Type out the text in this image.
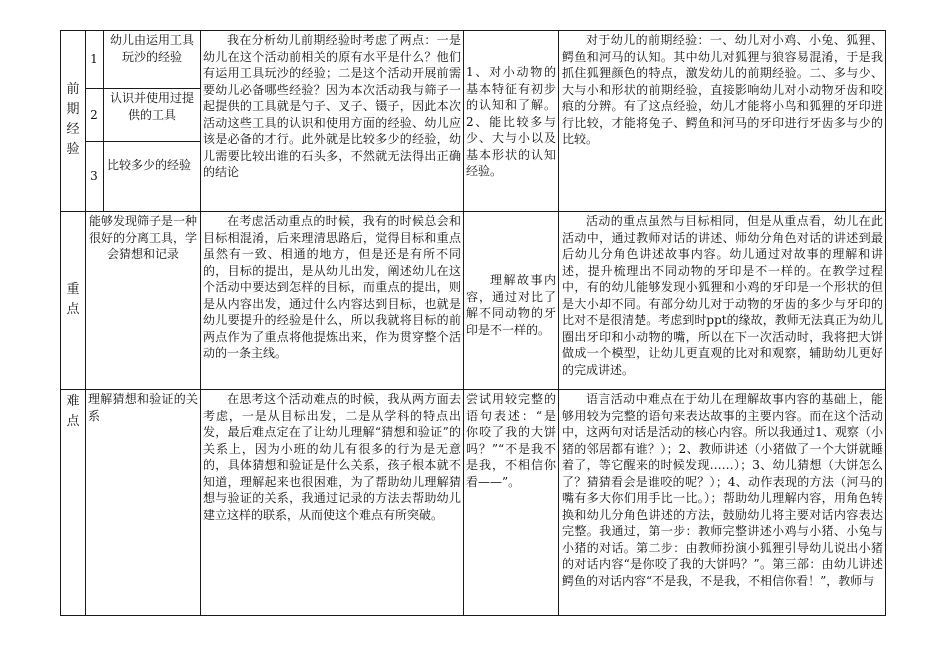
前期经验
1
幼儿由运用工具玩沙的经验
2
认识并使用过提供的工具
3
比较多少的经验
我在分析幼儿前期经验时考虑了两点：一是幼儿在这个活动前相关的原有水平是什么？他们有运用工具玩沙的经验；二是这个活动开展前需要幼儿必备哪些经验？因为本次活动我与筛子一起提供的工具就是勺子、叉子、镊子，因此本次活动这些工具的认识和使用方面的经验、幼儿应该是必备的才行。此外就是比较多少的经验，幼儿需要比较出谁的石头多，不然就无法得出正确的结论
1、对小动物的基本特征有初步的认知和了解。2、能比较多与少、大与小以及基本形状的认知经验。
对于幼儿的前期经验：一、幼儿对小鸡、小兔、狐狸、鳄鱼和河马的认知。其中幼儿对狐狸与狼容易混淆，于是我抓住狐狸颜色的特点，激发幼儿的前期经验。二、多与少、大与小和形状的前期经验，直接影响幼儿对小动物牙齿和咬痕的分辨。有了这点经验，幼儿才能将小鸟和狐狸的牙印进行比较，才能将兔子、鳄鱼和河马的牙印进行牙齿多与少的比较。
重点
能够发现筛子是一种很好的分离工具，学会猜想和记录
在考虑活动重点的时候，我有的时候总会和目标相混淆，后来理清思路后，觉得目标和重点虽然有一致、相通的地方，但是还是有所不同的，目标的提出，是从幼儿出发，阐述幼儿在这个活动中要达到怎样的目标，而重点的提出，则是从内容出发，通过什么内容达到目标，也就是幼儿要提升的经验是什么，所以我就将目标的前两点作为了重点将他提炼出来，作为贯穿整个活动的一条主线。
理解故事内容，通过对比了解不同动物的牙印是不一样的。
活动的重点虽然与目标相同，但是从重点看，幼儿在此活动中，通过教师对话的讲述、师幼分角色对话的讲述到最后幼儿分角色讲述故事内容。幼儿通过对故事的理解和讲述，提升梳理出不同动物的牙印是不一样的。在教学过程中，有的幼儿能够发现小狐狸和小鸡的牙印是一个形状的但是大小却不同。有部分幼儿对于动物的牙齿的多少与牙印的比对不是很清楚。考虑到时ppt的缘故，教师无法真正为幼儿圈出牙印和小动物的嘴，所以在下一次活动时，我将把大饼做成一个模型，让幼儿更直观的比对和观察，辅助幼儿更好的完成讲述。
难点
理解猜想和验证的关系
在思考这个活动难点的时候，我从两方面去考虑，一是从目标出发，二是从学科的特点出发，最后难点定在了让幼儿理解“猜想和验证”的关系上，因为小班的幼儿有很多的行为是无意的，具体猜想和验证是什么关系，孩子根本就不知道，理解起来也很困难，为了帮助幼儿理解猜想与验证的关系，我通过记录的方法去帮助幼儿建立这样的联系，从而使这个难点有所突破。
尝试用较完整的语句表述：“是你咬了我的大饼吗？”“不是我不是我，不相信你看——”。
语言活动中难点在于幼儿在理解故事内容的基础上，能够用较为完整的语句来表达故事的主要内容。而在这个活动中，这两句对话是活动的核心内容。所以我通过1、观察（小猪的邻居都有谁？）；2、教师讲述（小猪做了一个大饼就睡着了，等它醒来的时候发现……）；3、幼儿猜想（大饼怎么了？猜猜看会是谁咬的呢？）；4、动作表现的方法（河马的嘴有多大你们用手比一比。）；帮助幼儿理解内容，用角色转换和幼儿分角色讲述的方法，鼓励幼儿将主要对话内容表达完整。我通过，第一步：教师完整讲述小鸡与小猪、小兔与小猪的对话。第二步：由教师扮演小狐狸引导幼儿说出小猪的对话内容“是你咬了我的大饼吗？”。第三部：由幼儿讲述鳄鱼的对话内容“不是我，不是我，不相信你看！”，教师与
